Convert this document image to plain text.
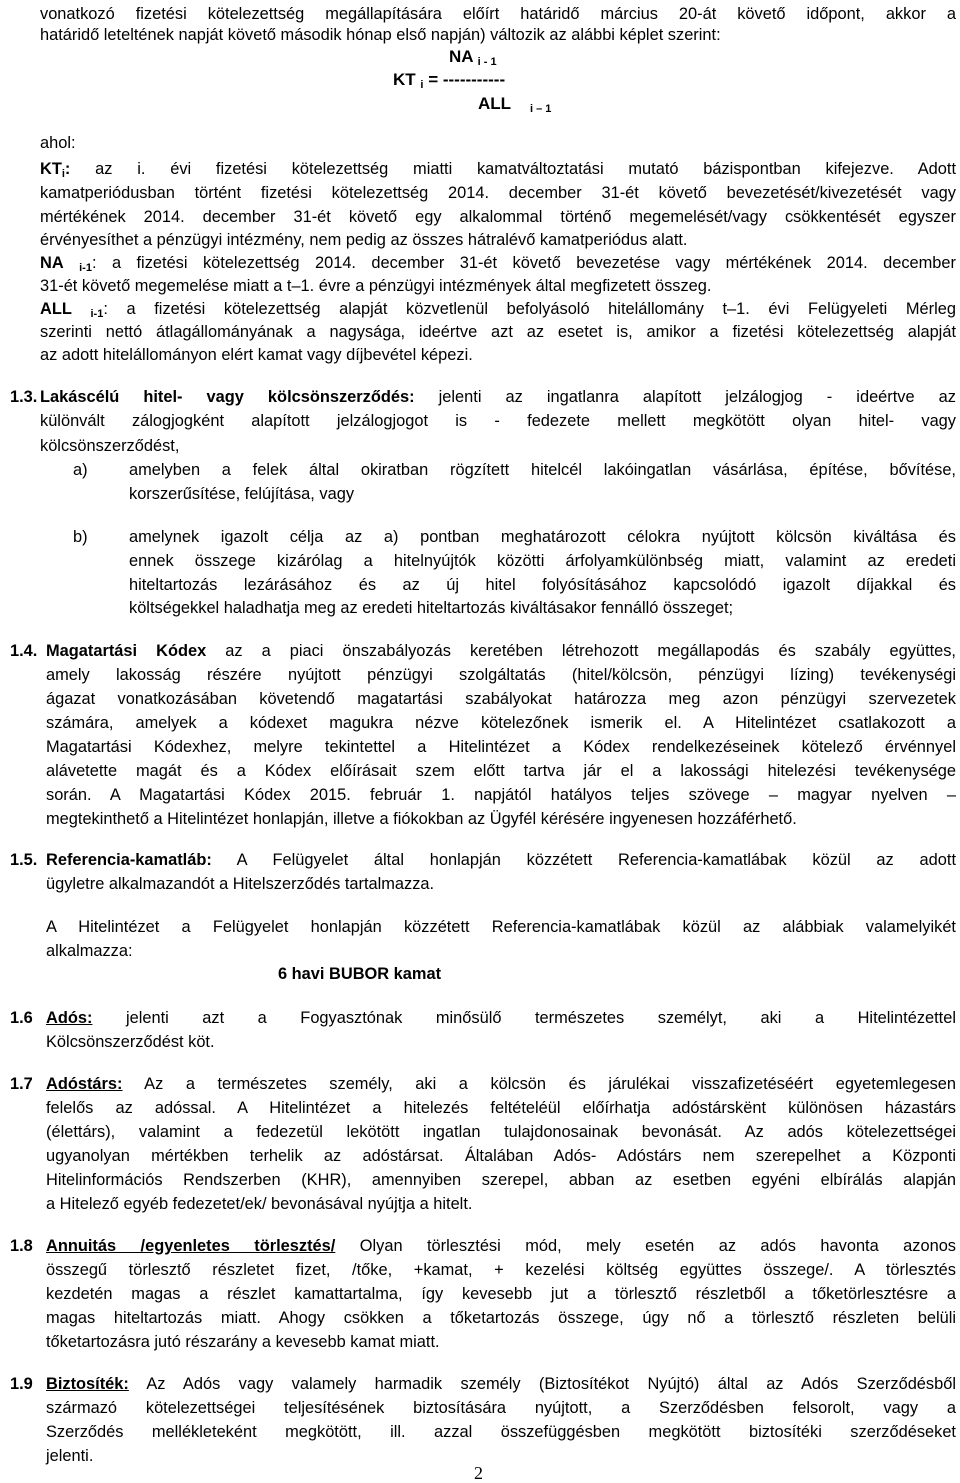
vonatkozó fizetési kötelezettség megállapítására előírt határidő március 20-át követő időpont, akkor a
határidő leteltének napját követő második hónap első napján) változik az alábbi képlet szerint:
NA $_{i - 1}$
KT $_i$ = -----------
ALL $_{i - 1}$
ahol:
$KT_i$: az i. évi fizetési kötelezettség miatti kamatváltoztatási mutató bázispontban kifejezve. Adott
kamatperiódusban történt fizetési kötelezettség 2014. december 31-ét követő bevezetését/kivezetését vagy
mértékének 2014. december 31-ét követő egy alkalommal történő megemelését/vagy csökkentését egyszer
érvényesíthet a pénzügyi intézmény, nem pedig az összes hátralévő kamatperiódus alatt.
NA $_{i-1}$: a fizetési kötelezettség 2014. december 31-ét követő bevezetése vagy mértékének 2014. december
31-ét követő megemelése miatt a t–1. évre a pénzügyi intézmények által megfizetett összeg.
ALL $_{i-1}$: a fizetési kötelezettség alapját közvetlenül befolyásoló hitelállomány t–1. évi Felügyeleti Mérleg
szerinti nettó átlagállományának a nagysága, ideértve azt az esetet is, amikor a fizetési kötelezettség alapját
az adott hitelállományon elért kamat vagy díjbevétel képezi.
1.3. Lakáscélú hitel- vagy kölcsönszerződés: jelenti az ingatlanra alapított jelzálogjog - ideértve az
különvált zálogjogként alapított jelzálogjogot is - fedezete mellett megkötött olyan hitel- vagy
kölcsönszerződést,
a)	amelyben a felek által okiratban rögzített hitelcél lakóingatlan vásárlása, építése, bővítése,
korszerűsítése, felújítása, vagy
b)	amelynek igazolt célja az a) pontban meghatározott célokra nyújtott kölcsön kiváltása és
ennek összege kizárólag a hitelnyújtók közötti árfolyamkülönbség miatt, valamint az eredeti
hiteltartozás lezárásához és az új hitel folyósításához kapcsolódó igazolt díjakkal és
költségekkel haladhatja meg az eredeti hiteltartozás kiváltásakor fennálló összeget;
1.4. Magatartási Kódex az a piaci önszabályozás keretében létrehozott megállapodás és szabály együttes,
amely lakosság részére nyújtott pénzügyi szolgáltatás (hitel/kölcsön, pénzügyi lízing) tevékenységi
ágazat vonatkozásában követendő magatartási szabályokat határozza meg azon pénzügyi szervezetek
számára, amelyek a kódexet magukra nézve kötelezőnek ismerik el. A Hitelintézet csatlakozott a
Magatartási Kódexhez, melyre tekintettel a Hitelintézet a Kódex rendelkezéseinek kötelező érvénnyel
alávetette magát és a Kódex előírásait szem előtt tartva jár el a lakossági hitelezési tevékenysége
során. A Magatartási Kódex 2015. február 1. napjától hatályos teljes szövege – magyar nyelven –
megtekinthető a Hitelintézet honlapján, illetve a fiókokban az Ügyfél kérésére ingyenesen hozzáférhető.
1.5. Referencia-kamatláb: A Felügyelet által honlapján közzétett Referencia-kamatlábak közül az adott
ügyletre alkalmazandót a Hitelszerződés tartalmazza.
A Hitelintézet a Felügyelet honlapján közzétett Referencia-kamatlábak közül az alábbiak valamelyikét
alkalmazza:
6 havi BUBOR kamat
1.6 Adós: jelenti azt a Fogyasztónak minősülő természetes személyt, aki a Hitelintézettel
Kölcsönszerződést köt.
1.7 Adóstárs: Az a természetes személy, aki a kölcsön és járulékai visszafizetéséért egyetemlegesen
felelős az adóssal. A Hitelintézet a hitelezés feltételéül előírhatja adóstárskënt különösen házastárs
(élettárs), valamint a fedezetül lekötött ingatlan tulajdonosainak bevonását. Az adós kötelezettségei
ugyanolyan mértékben terhelik az adóstársat. Általában Adós- Adóstárs nem szerepelhet a Központi
Hitelinformációs Rendszerben (KHR), amennyiben szerepel, abban az esetben egyéni elbírálás alapján
a Hitelező egyéb fedezetet/ek/ bevonásával nyújtja a hitelt.
1.8 Annuitás /egyenletes törlesztés/ Olyan törlesztési mód, mely esetén az adós havonta azonos
összegű törlesztő részletet fizet, /tőke, +kamat, + kezelési költség együttes összege/. A törlesztés
kezdetén magas a részlet kamattartalma, így kevesebb jut a törlesztő részletből a tőketörlesztésre a
magas hiteltartozás miatt. Ahogy csökken a tőketartozás összege, úgy nő a törlesztő részleten belüli
tőketartozásra jutó részarány a kevesebb kamat miatt.
1.9 Biztosíték: Az Adós vagy valamely harmadik személy (Biztosítékot Nyújtó) által az Adós Szerződésből
származó kötelezettségei teljesítésének biztosítására nyújtott, a Szerződésben felsorolt, vagy a
Szerződés mellékleteként megkötött, ill. azzal összefüggésben megkötött biztosítéki szerződéseket
jelenti.
2
